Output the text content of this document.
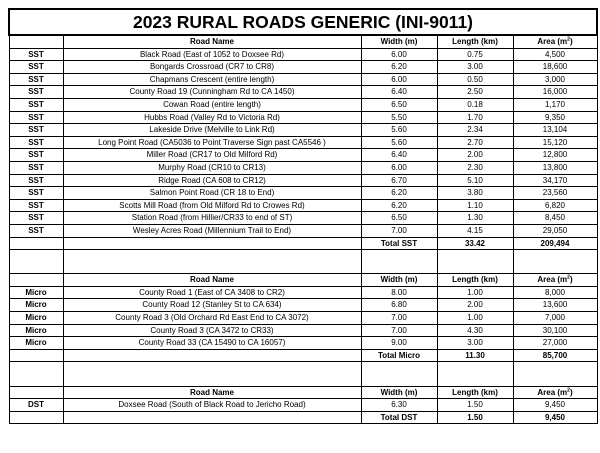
2023 RURAL ROADS GENERIC (INI-9011)				
	Road Name	Width (m)	Length (km)	Area $(m^2)$
SST	Black Road (East of 1052 to Doxsee Rd)	6.00	0.75	4,500
SST	Bongards Crossroad (CR7 to CR8)	6.20	3.00	18,600
SST	Chapmans Crescent (entire length)	6.00	0.50	3,000
SST	County Road 19 (Cunningham Rd to CA 1450)	6.40	2.50	16,000
SST	Cowan Road (entire length)	6.50	0.18	1,170
SST	Hubbs Road (Valley Rd to Victoria Rd)	5.50	1.70	9,350
SST	Lakeside Drive (Melville to Link Rd)	5.60	2.34	13,104
SST	Long Point Road (CA5036 to Point Traverse Sign past CA5546 )	5.60	2.70	15,120
SST	Miller Road (CR17 to Old Milford Rd)	6.40	2.00	12,800
SST	Murphy Road (CR10 to CR13)	6.00	2.30	13,800
SST	Ridge Road (CA 608 to CR12)	6.70	5.10	34,170
SST	Salmon Point Road (CR 18 to End)	6.20	3.80	23,560
SST	Scotts Mill Road (from Old Milford Rd to Crowes Rd)	6.20	1.10	6,820
SST	Station Road (from Hillier/CR33 to end of ST)	6.50	1.30	8,450
SST	Wesley Acres Road (Millennium Trail to End)	7.00	4.15	29,050
		Total SST	33.42	209,494

	Road Name	Width (m)	Length (km)	Area $(m^2)$
Micro	County Road 1 (East of CA 3408 to CR2)	8.00	1.00	8,000
Micro	County Road 12 (Stanley St to CA 634)	6.80	2.00	13,600
Micro	County Road 3 (Old Orchard Rd East End to CA 3072)	7.00	1.00	7,000
Micro	County Road 3 (CA 3472 to CR33)	7.00	4.30	30,100
Micro	County Road 33 (CA 15490 to CA 16057)	9.00	3.00	27,000
		Total Micro	11.30	85,700

	Road Name	Width (m)	Length (km)	Area $(m^2)$
DST	Doxsee Road (South of Black Road to Jericho Road)	6.30	1.50	9,450
		Total DST	1.50	9,450
